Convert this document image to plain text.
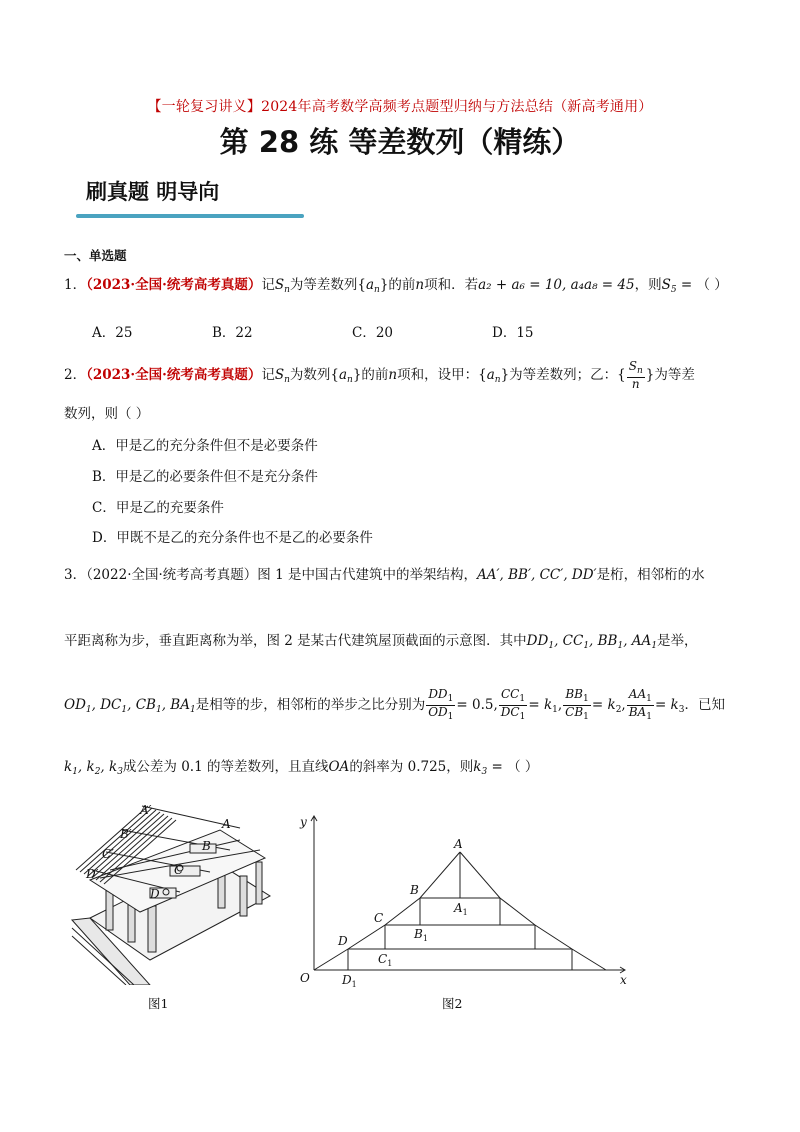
【一轮复习讲义】2024年高考数学高频考点题型归纳与方法总结（新高考通用）
第 28 练 等差数列（精练）
刷真题 明导向
一、单选题
1．（2023·全国·统考高考真题）记$S_n$为等差数列$\{a_n\}$的前n项和．若a₂ + a₆ = 10, a₄a₈ = 45，则$S_5$ = （ ）
A．25	B．22	C．20	D．15
2．（2023·全国·统考高考真题）记$S_n$为数列$\{a_n\}$的前n项和，设甲：$\{a_n\}$为等差数列；乙：{ $\frac{S_n}{n}$ }为等差
数列，则（ ）
A．甲是乙的充分条件但不是必要条件
B．甲是乙的必要条件但不是充分条件
C．甲是乙的充要条件
D．甲既不是乙的充分条件也不是乙的必要条件
3．（2022·全国·统考高考真题）图 1 是中国古代建筑中的举架结构，AA′, BB′, CC′, DD′是桁，相邻桁的水
平距离称为步，垂直距离称为举，图 2 是某古代建筑屋顶截面的示意图．其中$DD_1$, $CC_1$, $BB_1$, $AA_1$是举，
$OD_1$, $DC_1$, $CB_1$, $BA_1$是相等的步，相邻桁的举步之比分别为 $\frac{DD_1}{OD_1} = 0.5$, $\frac{CC_1}{DC_1} = k_1$, $\frac{BB_1}{CB_1} = k_2$, $\frac{AA_1}{BA_1} = k_3$．已知
$k_1$, $k_2$, $k_3$成公差为 0.1 的等差数列，且直线OA的斜率为 0.725，则$k_3$ = （ ）
A′
B′
C′
D′
A
B
C
D
y
x
O
D
C
B
A
$A_1$
$B_1$
$C_1$
$D_1$
图1	图2
